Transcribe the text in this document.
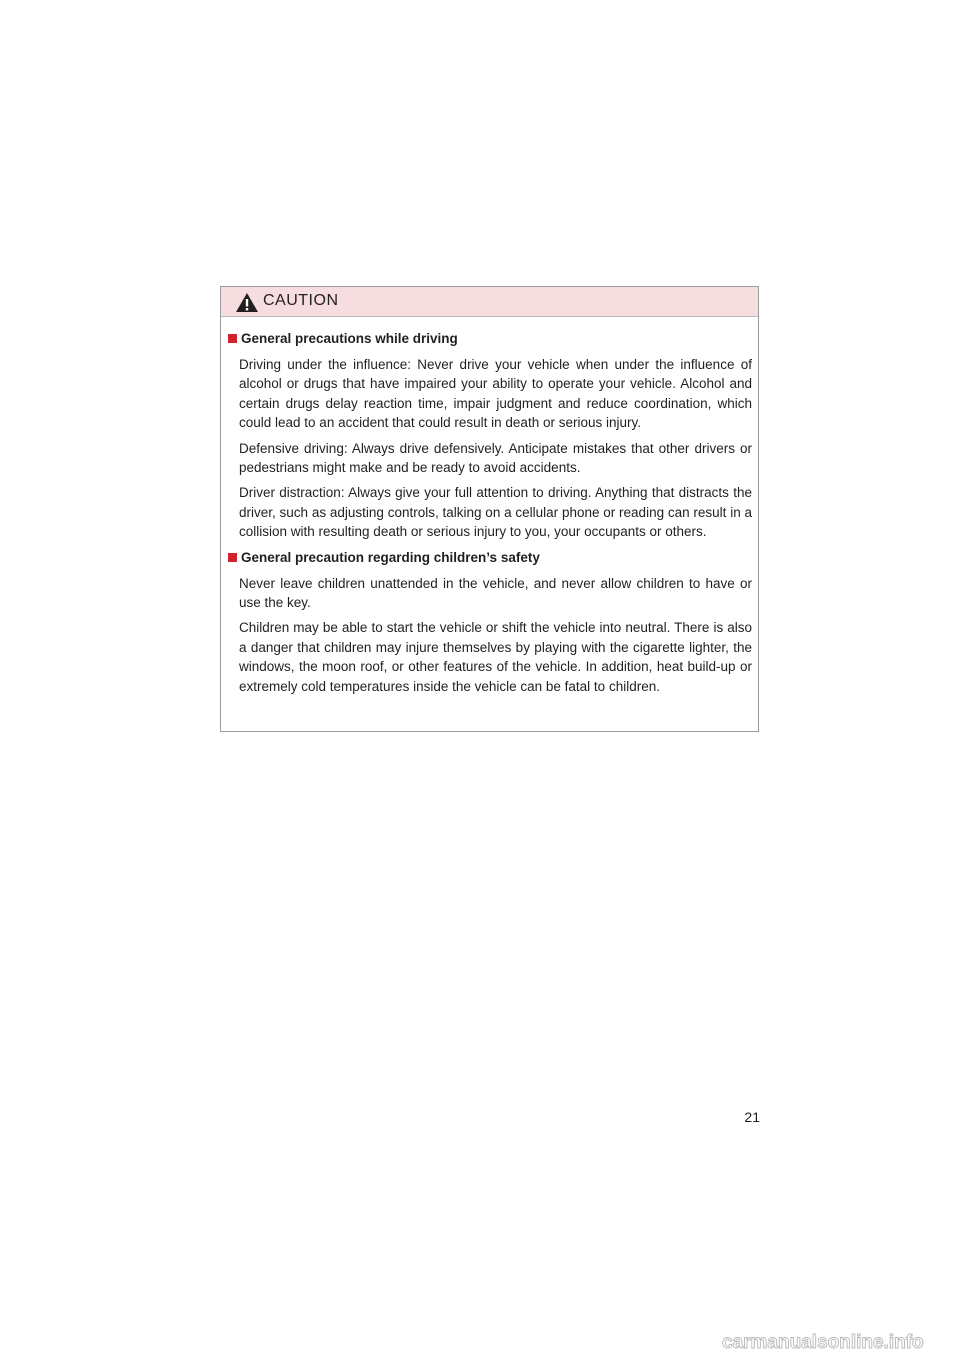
CAUTION
General precautions while driving

Driving under the influence: Never drive your vehicle when under the influence of alcohol or drugs that have impaired your ability to operate your vehicle. Alcohol and certain drugs delay reaction time, impair judgment and reduce coordination, which could lead to an accident that could result in death or serious injury.

Defensive driving: Always drive defensively. Anticipate mistakes that other drivers or pedestrians might make and be ready to avoid accidents.

Driver distraction: Always give your full attention to driving. Anything that distracts the driver, such as adjusting controls, talking on a cellular phone or reading can result in a collision with resulting death or serious injury to you, your occupants or others.

General precaution regarding children’s safety

Never leave children unattended in the vehicle, and never allow children to have or use the key.

Children may be able to start the vehicle or shift the vehicle into neutral. There is also a danger that children may injure themselves by playing with the cigarette lighter, the windows, the moon roof, or other features of the vehicle. In addition, heat build-up or extremely cold temperatures inside the vehicle can be fatal to children.

21
carmanualsonline.info
